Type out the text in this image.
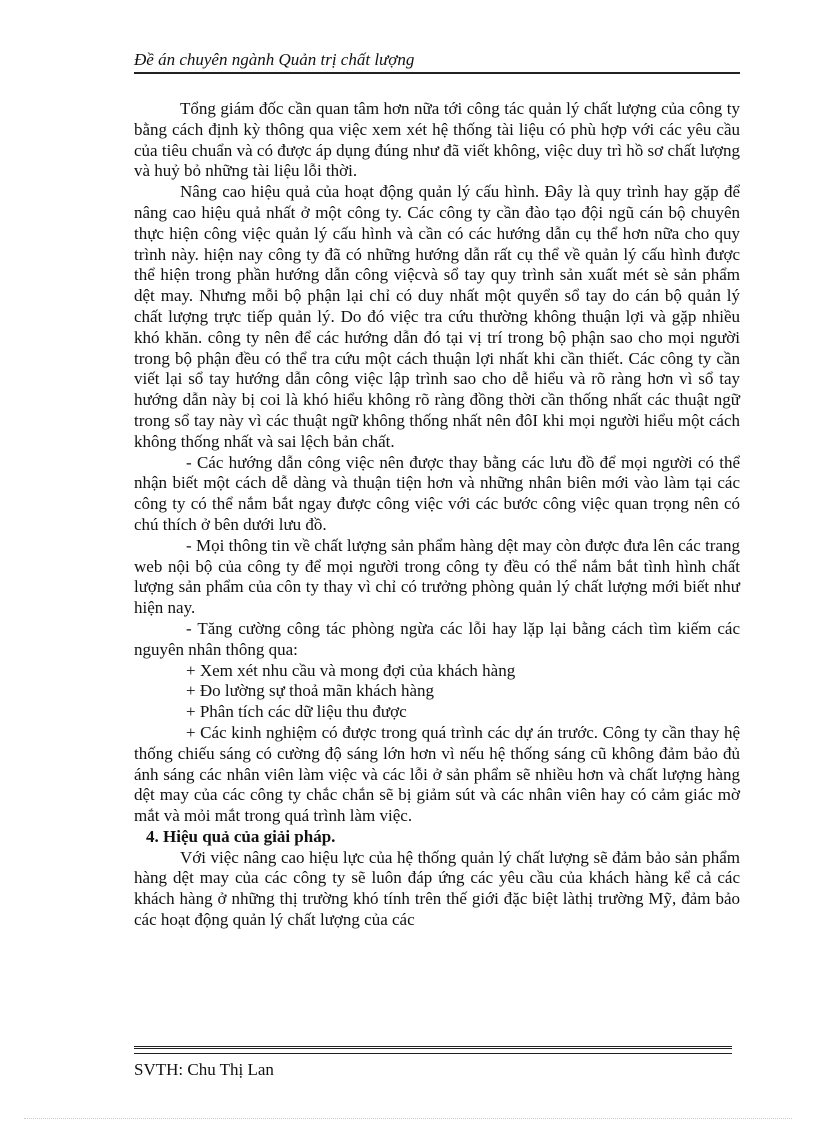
Đề án chuyên ngành Quản trị chất lượng

Tổng giám đốc cần quan tâm hơn nữa tới công tác quản lý chất lượng của công ty bằng cách định kỳ thông qua việc xem xét hệ thống tài liệu có phù hợp với các yêu cầu của tiêu chuẩn và có được áp dụng đúng như đã viết không, việc duy trì hồ sơ chất lượng và huỷ bỏ những tài liệu lỗi thời.

Nâng cao hiệu quả của hoạt động quản lý cấu hình. Đây là quy trình hay gặp để nâng cao hiệu quả nhất ở một công ty. Các công ty cần đào tạo đội ngũ cán bộ chuyên thực hiện công việc quản lý cấu hình và cần có các hướng dẫn cụ thể hơn nữa cho quy trình này. hiện nay công ty đã có những hướng dẫn rất cụ thể về quản lý cấu hình được thể hiện trong phần hướng dẫn công việcvà sổ tay quy trình sản xuất mét sè sản phẩm dệt may. Nhưng mỗi bộ phận lại chỉ có duy nhất một quyển sổ tay do cán bộ quản lý chất lượng trực tiếp quản lý. Do đó việc tra cứu thường không thuận lợi và gặp nhiều khó khăn. công ty nên để các hướng dẫn đó tại vị trí trong bộ phận sao cho mọi người trong bộ phận đều có thể tra cứu một cách thuận lợi nhất khi cần thiết. Các công ty cần viết lại sổ tay hướng dẫn công việc lập trình sao cho dễ hiểu và rõ ràng hơn vì sổ tay hướng dẫn này bị coi là khó hiểu không rõ ràng đồng thời cần thống nhất các thuật ngữ trong sổ tay này vì các thuật ngữ không thống nhất nên đôI khi mọi người hiểu một cách không thống nhất và sai lệch bản chất.

- Các hướng dẫn công việc nên được thay bằng các lưu đồ để mọi người có thể nhận biết một cách dễ dàng và thuận tiện hơn và những nhân biên mới vào làm tại các công ty có thể nắm bắt ngay được công việc với các bước công việc quan trọng nên có chú thích ở bên dưới lưu đồ.

- Mọi thông tin về chất lượng sản phẩm hàng dệt may còn được đưa lên các trang web nội bộ của công ty để mọi người trong công ty đều có thể nắm bắt tình hình chất lượng sản phẩm của côn ty thay vì chỉ có trưởng phòng quản lý chất lượng mới biết như hiện nay.

- Tăng cường công tác phòng ngừa các lỗi hay lặp lại bằng cách tìm kiếm các nguyên nhân thông qua:

+ Xem xét nhu cầu và mong đợi của khách hàng

+ Đo lường sự thoả mãn khách hàng

+ Phân tích các dữ liệu thu được

+ Các kinh nghiệm có được trong quá trình các dự án trước. Công ty cần thay hệ thống chiếu sáng có cường độ sáng lớn hơn vì nếu hệ thống sáng cũ không đảm bảo đủ ánh sáng các nhân viên làm việc và các lỗi ở sản phẩm sẽ nhiều hơn và chất lượng hàng dệt may của các công ty chắc chắn sẽ bị giảm sút và các nhân viên hay có cảm giác mờ mắt và mỏi mắt trong quá trình làm việc.

4. Hiệu quả của giải pháp.

Với việc nâng cao hiệu lực của hệ thống quản lý chất lượng sẽ đảm bảo sản phẩm hàng dệt may của các công ty sẽ luôn đáp ứng các yêu cầu của khách hàng kể cả các khách hàng ở những thị trường khó tính trên thế giới đặc biệt làthị trường Mỹ, đảm bảo các hoạt động quản lý chất lượng của các

SVTH: Chu Thị Lan
